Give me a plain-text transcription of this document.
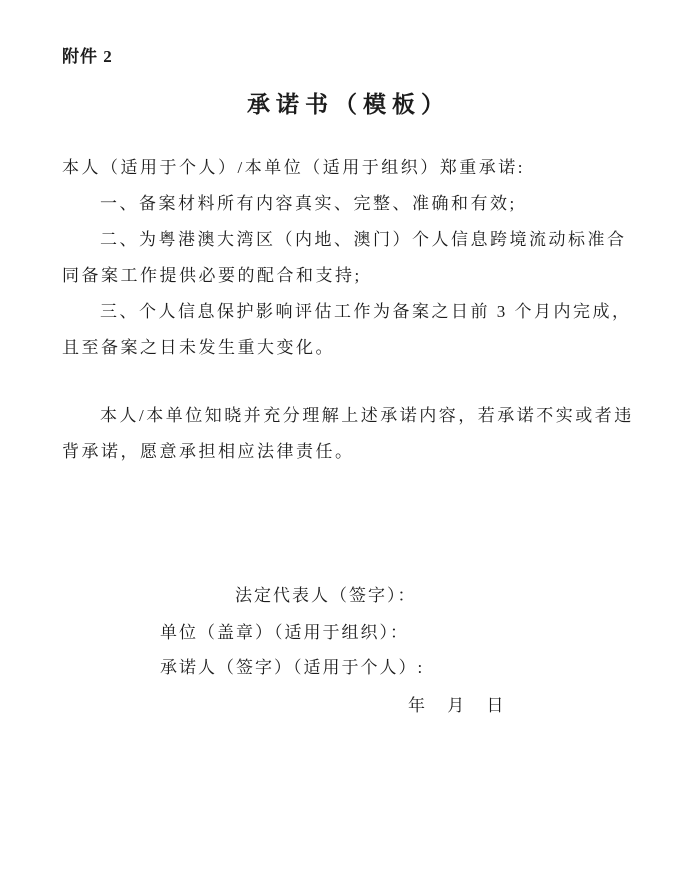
附件 2
承诺书（模板）
本人（适用于个人）/本单位（适用于组织）郑重承诺:
一、备案材料所有内容真实、完整、准确和有效;
二、为粤港澳大湾区（内地、澳门）个人信息跨境流动标准合
同备案工作提供必要的配合和支持;
三、个人信息保护影响评估工作为备案之日前 3 个月内完成，
且至备案之日未发生重大变化。
本人/本单位知晓并充分理解上述承诺内容，若承诺不实或者违
背承诺，愿意承担相应法律责任。
法定代表人（签字）：
单位（盖章）（适用于组织）：
承诺人（签字）（适用于个人）:
年 月 日
